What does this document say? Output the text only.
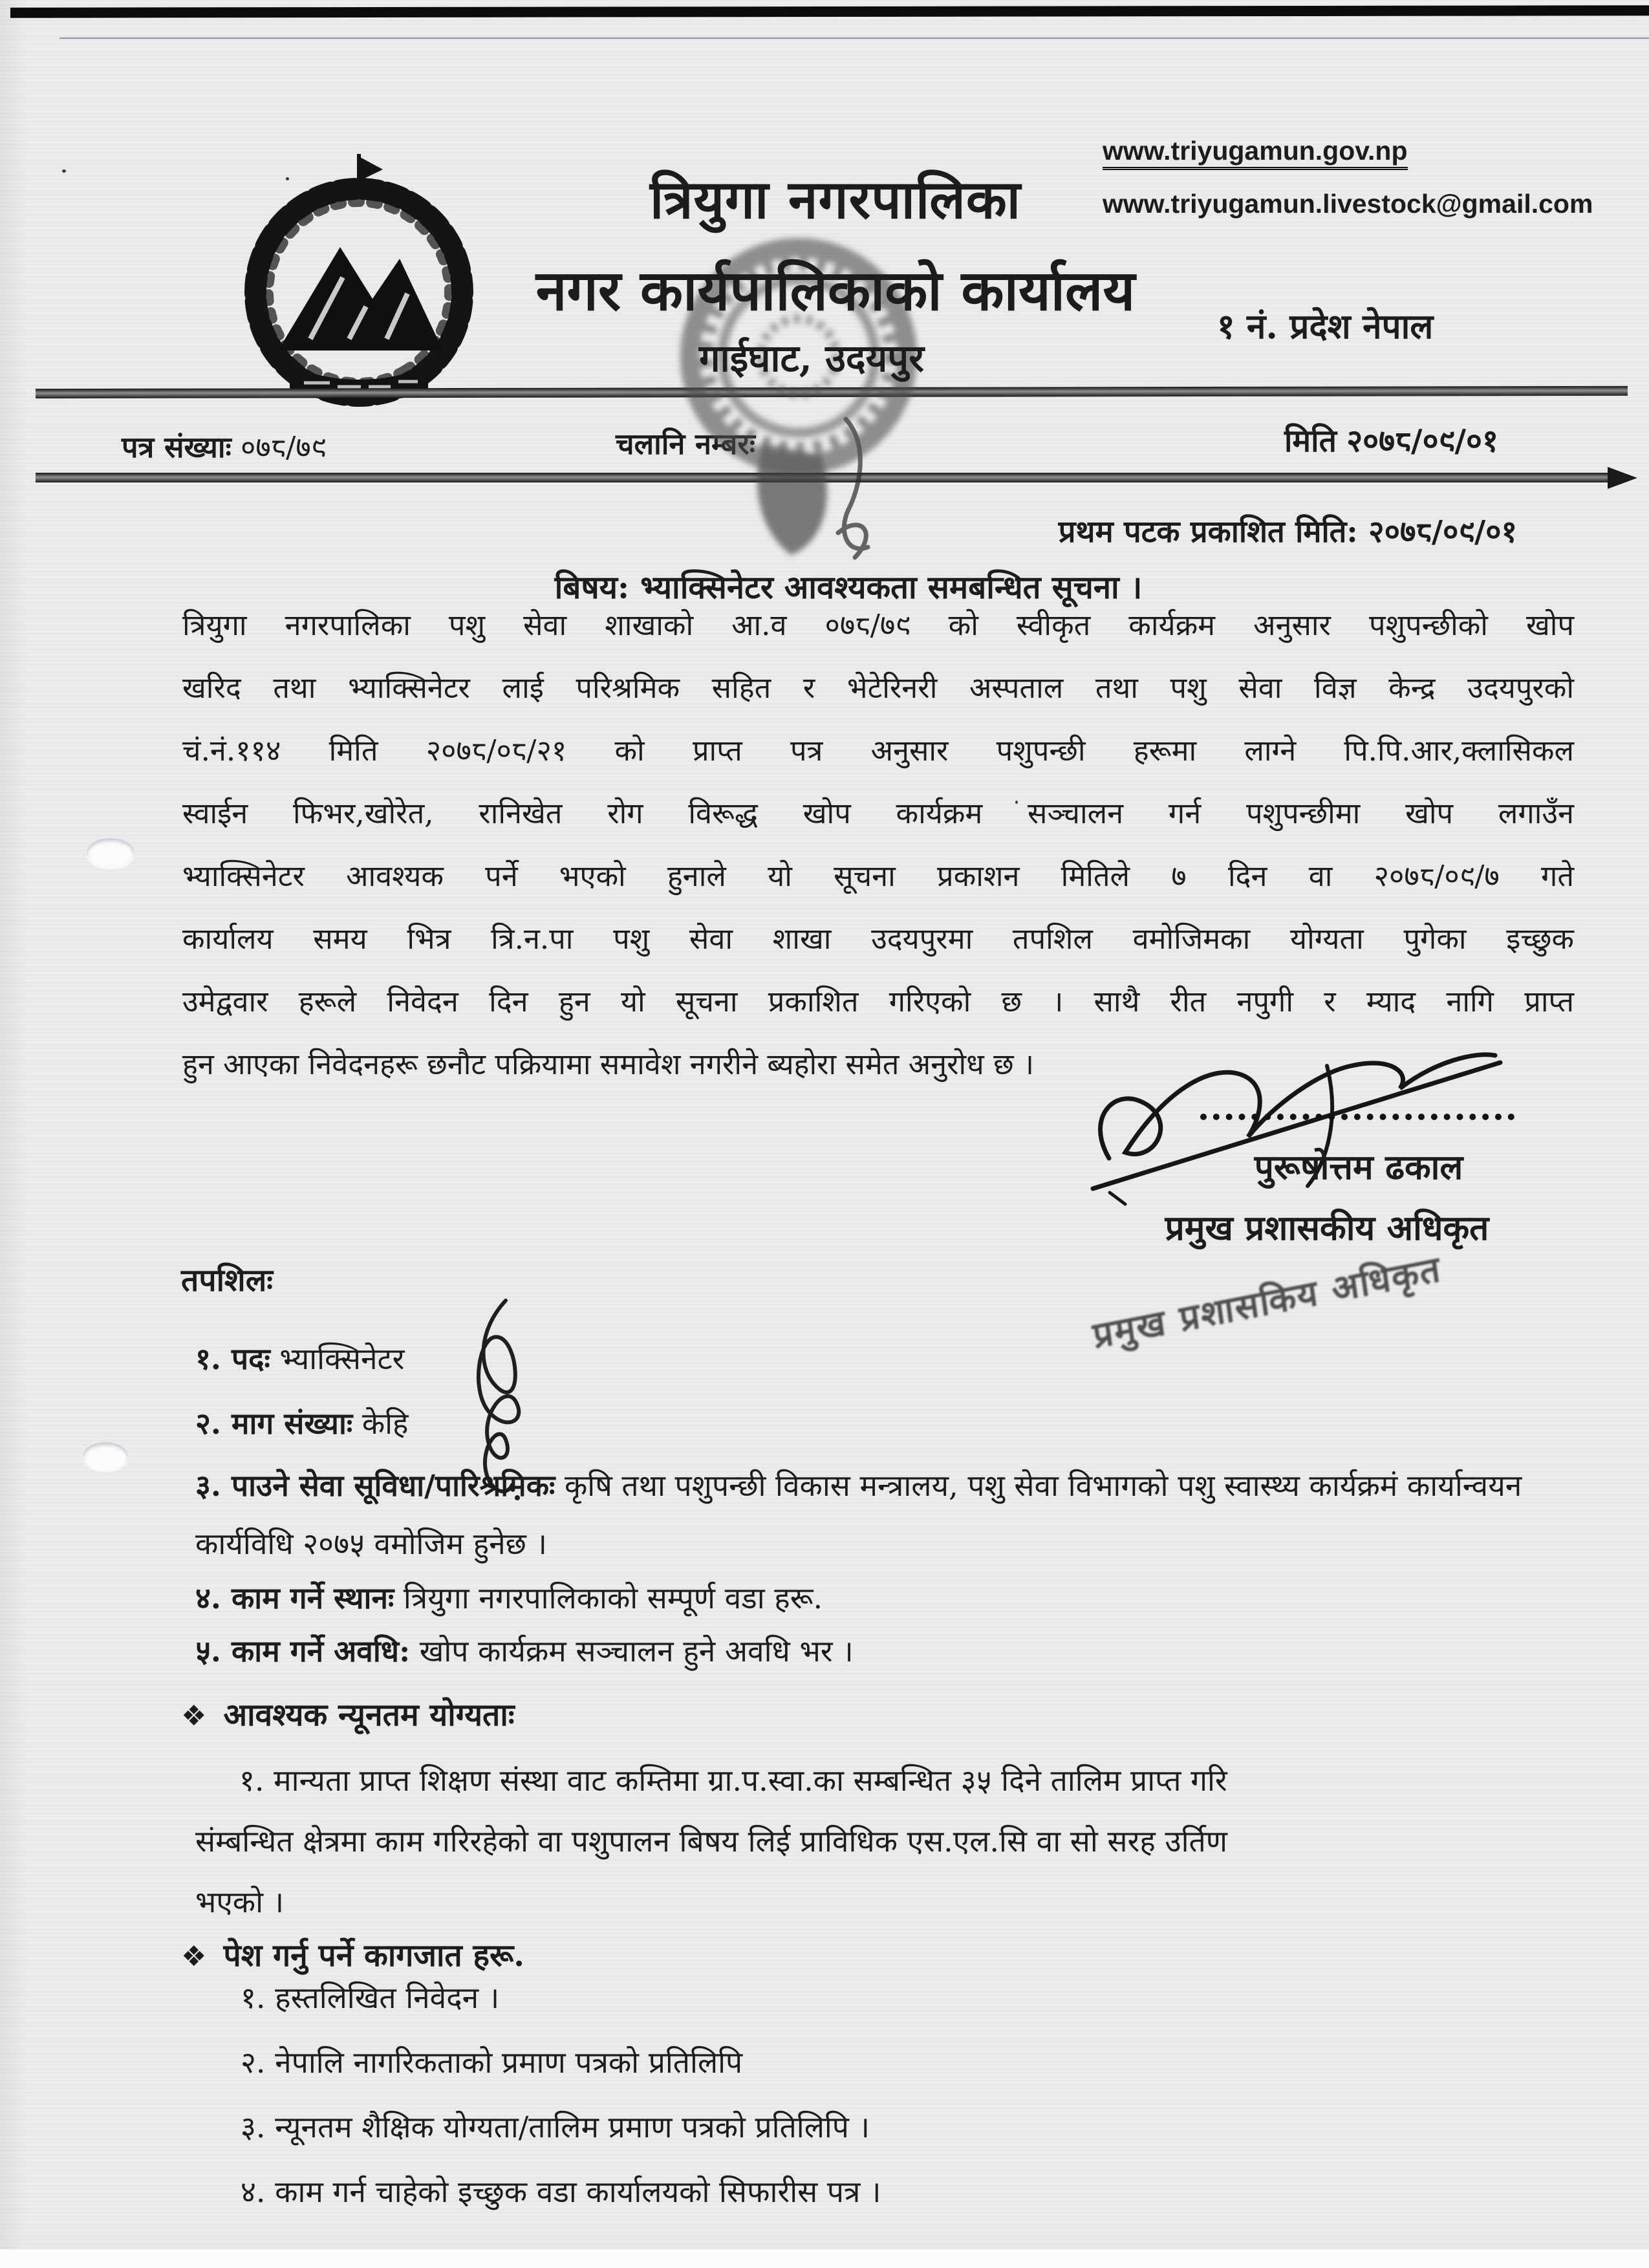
त्रियुगा नगरपालिका
नगर कार्यपालिकाको कार्यालय
गाईघाट, उदयपुर
www.triyugamun.gov.np
www.triyugamun.livestock@gmail.com
१ नं. प्रदेश नेपाल
पत्र संख्याः ०७८/७९	चलानि नम्बरः	मिति २०७८/०९/०१
प्रथम पटक प्रकाशित मिति: २०७८/०९/०१
बिषय: भ्याक्सिनेटर आवश्यकता समबन्धित सूचना ।
त्रियुगा नगरपालिका पशु सेवा शाखाको आ.व ०७८/७९ को स्वीकृत कार्यक्रम अनुसार पशुपन्छीको खोप
खरिद तथा भ्याक्सिनेटर लाई परिश्रमिक सहित र भेटेरिनरी अस्पताल तथा पशु सेवा विज्ञ केन्द्र उदयपुरको
चं.नं.११४ मिति २०७८/०८/२१ को प्राप्त पत्र अनुसार पशुपन्छी हरूमा लाग्ने पि.पि.आर,क्लासिकल
स्वाईन फिभर,खोरेत, रानिखेत रोग विरूद्ध खोप कार्यक्रम सञ्चालन गर्न पशुपन्छीमा खोप लगाउँन
भ्याक्सिनेटर आवश्यक पर्ने भएको हुनाले यो सूचना प्रकाशन मितिले ७ दिन वा २०७८/०९/७ गते
कार्यालय समय भित्र त्रि.न.पा पशु सेवा शाखा उदयपुरमा तपशिल वमोजिमका योग्यता पुगेका इच्छुक
उमेद्ववार हरूले निवेदन दिन हुन यो सूचना प्रकाशित गरिएको छ । साथै रीत नपुगी र म्याद नागि प्राप्त
हुन आएका निवेदनहरू छनौट पक्रियामा समावेश नगरीने ब्यहोरा समेत अनुरोध छ ।
पुरूषोत्तम ढकाल
प्रमुख प्रशासकीय अधिकृत
प्रमुख प्रशासकिय अधिकृत
तपशिलः
१. पदः भ्याक्सिनेटर
२. माग संख्याः केहि
३. पाउने सेवा सूविधा/पारिश्रमिकः कृषि तथा पशुपन्छी विकास मन्त्रालय, पशु सेवा विभागको पशु स्वास्थ्य कार्यक्रमं कार्यान्वयन कार्यविधि २०७५ वमोजिम हुनेछ ।
४. काम गर्ने स्थानः त्रियुगा नगरपालिकाको सम्पूर्ण वडा हरू.
५. काम गर्ने अवधि: खोप कार्यक्रम सञ्चालन हुने अवधि भर ।
❖ आवश्यक न्यूनतम योग्यताः
१. मान्यता प्राप्त शिक्षण संस्था वाट कम्तिमा ग्रा.प.स्वा.का सम्बन्धित ३५ दिने तालिम प्राप्त गरि
संम्बन्धित क्षेत्रमा काम गरिरहेको वा पशुपालन बिषय लिई प्राविधिक एस.एल.सि वा सो सरह उर्तिण
भएको ।
❖ पेश गर्नु पर्ने कागजात हरू.
१. हस्तलिखित निवेदन ।
२. नेपालि नागरिकताको प्रमाण पत्रको प्रतिलिपि
३. न्यूनतम शैक्षिक योग्यता/तालिम प्रमाण पत्रको प्रतिलिपि ।
४. काम गर्न चाहेको इच्छुक वडा कार्यालयको सिफारीस पत्र ।
